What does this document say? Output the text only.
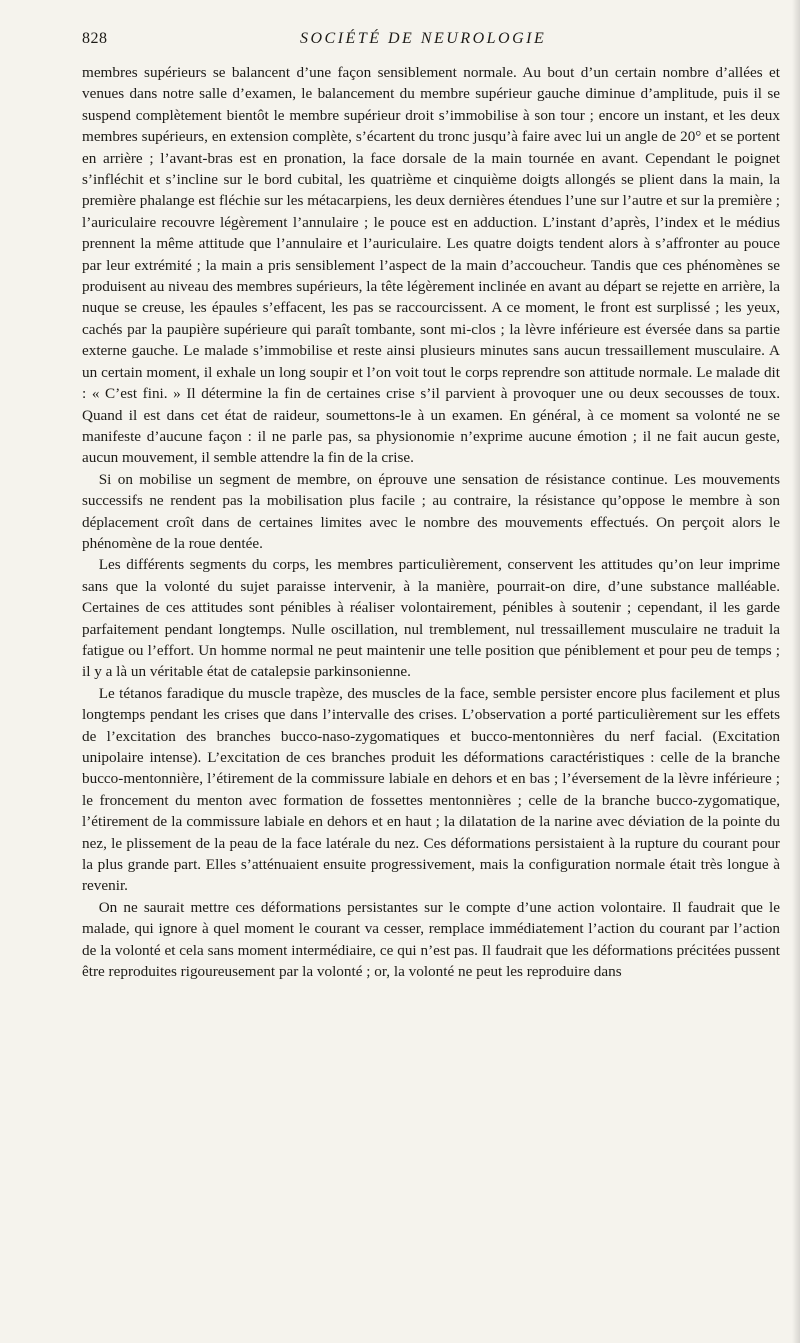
828	SOCIÉTÉ DE NEUROLOGIE

membres supérieurs se balancent d’une façon sensiblement normale. Au bout d’un certain nombre d’allées et venues dans notre salle d’examen, le balancement du membre supérieur gauche diminue d’amplitude, puis il se suspend complètement bientôt le membre supérieur droit s’immobilise à son tour ; encore un instant, et les deux membres supérieurs, en extension complète, s’écartent du tronc jusqu’à faire avec lui un angle de 20° et se portent en arrière ; l’avant-bras est en pronation, la face dorsale de la main tournée en avant. Cependant le poignet s’infléchit et s’incline sur le bord cubital, les quatrième et cinquième doigts allongés se plient dans la main, la première phalange est fléchie sur les métacarpiens, les deux dernières étendues l’une sur l’autre et sur la première ; l’auriculaire recouvre légèrement l’annulaire ; le pouce est en adduction. L’instant d’après, l’index et le médius prennent la même attitude que l’annulaire et l’auriculaire. Les quatre doigts tendent alors à s’affronter au pouce par leur extrémité ; la main a pris sensiblement l’aspect de la main d’accoucheur. Tandis que ces phénomènes se produisent au niveau des membres supérieurs, la tête légèrement inclinée en avant au départ se rejette en arrière, la nuque se creuse, les épaules s’effacent, les pas se raccourcissent. A ce moment, le front est surplissé ; les yeux, cachés par la paupière supérieure qui paraît tombante, sont mi-clos ; la lèvre inférieure est éversée dans sa partie externe gauche. Le malade s’immobilise et reste ainsi plusieurs minutes sans aucun tressaillement musculaire. A un certain moment, il exhale un long soupir et l’on voit tout le corps reprendre son attitude normale. Le malade dit : « C’est fini. » Il détermine la fin de certaines crise s’il parvient à provoquer une ou deux secousses de toux. Quand il est dans cet état de raideur, soumettons-le à un examen. En général, à ce moment sa volonté ne se manifeste d’aucune façon : il ne parle pas, sa physionomie n’exprime aucune émotion ; il ne fait aucun geste, aucun mouvement, il semble attendre la fin de la crise.

Si on mobilise un segment de membre, on éprouve une sensation de résistance continue. Les mouvements successifs ne rendent pas la mobilisation plus facile ; au contraire, la résistance qu’oppose le membre à son déplacement croît dans de certaines limites avec le nombre des mouvements effectués. On perçoit alors le phénomène de la roue dentée.

Les différents segments du corps, les membres particulièrement, conservent les attitudes qu’on leur imprime sans que la volonté du sujet paraisse intervenir, à la manière, pourrait-on dire, d’une substance malléable. Certaines de ces attitudes sont pénibles à réaliser volontairement, pénibles à soutenir ; cependant, il les garde parfaitement pendant longtemps. Nulle oscillation, nul tremblement, nul tressaillement musculaire ne traduit la fatigue ou l’effort. Un homme normal ne peut maintenir une telle position que péniblement et pour peu de temps ; il y a là un véritable état de catalepsie parkinsonienne.

Le tétanos faradique du muscle trapèze, des muscles de la face, semble persister encore plus facilement et plus longtemps pendant les crises que dans l’intervalle des crises. L’observation a porté particulièrement sur les effets de l’excitation des branches bucco-naso-zygomatiques et bucco-mentonnières du nerf facial. (Excitation unipolaire intense). L’excitation de ces branches produit les déformations caractéristiques : celle de la branche bucco-mentonnière, l’étirement de la commissure labiale en dehors et en bas ; l’éversement de la lèvre inférieure ; le froncement du menton avec formation de fossettes mentonnières ; celle de la branche bucco-zygomatique, l’étirement de la commissure labiale en dehors et en haut ; la dilatation de la narine avec déviation de la pointe du nez, le plissement de la peau de la face latérale du nez. Ces déformations persistaient à la rupture du courant pour la plus grande part. Elles s’atténuaient ensuite progressivement, mais la configuration normale était très longue à revenir.

On ne saurait mettre ces déformations persistantes sur le compte d’une action volontaire. Il faudrait que le malade, qui ignore à quel moment le courant va cesser, remplace immédiatement l’action du courant par l’action de la volonté et cela sans moment intermédiaire, ce qui n’est pas. Il faudrait que les déformations précitées pussent être reproduites rigoureusement par la volonté ; or, la volonté ne peut les reproduire dans
